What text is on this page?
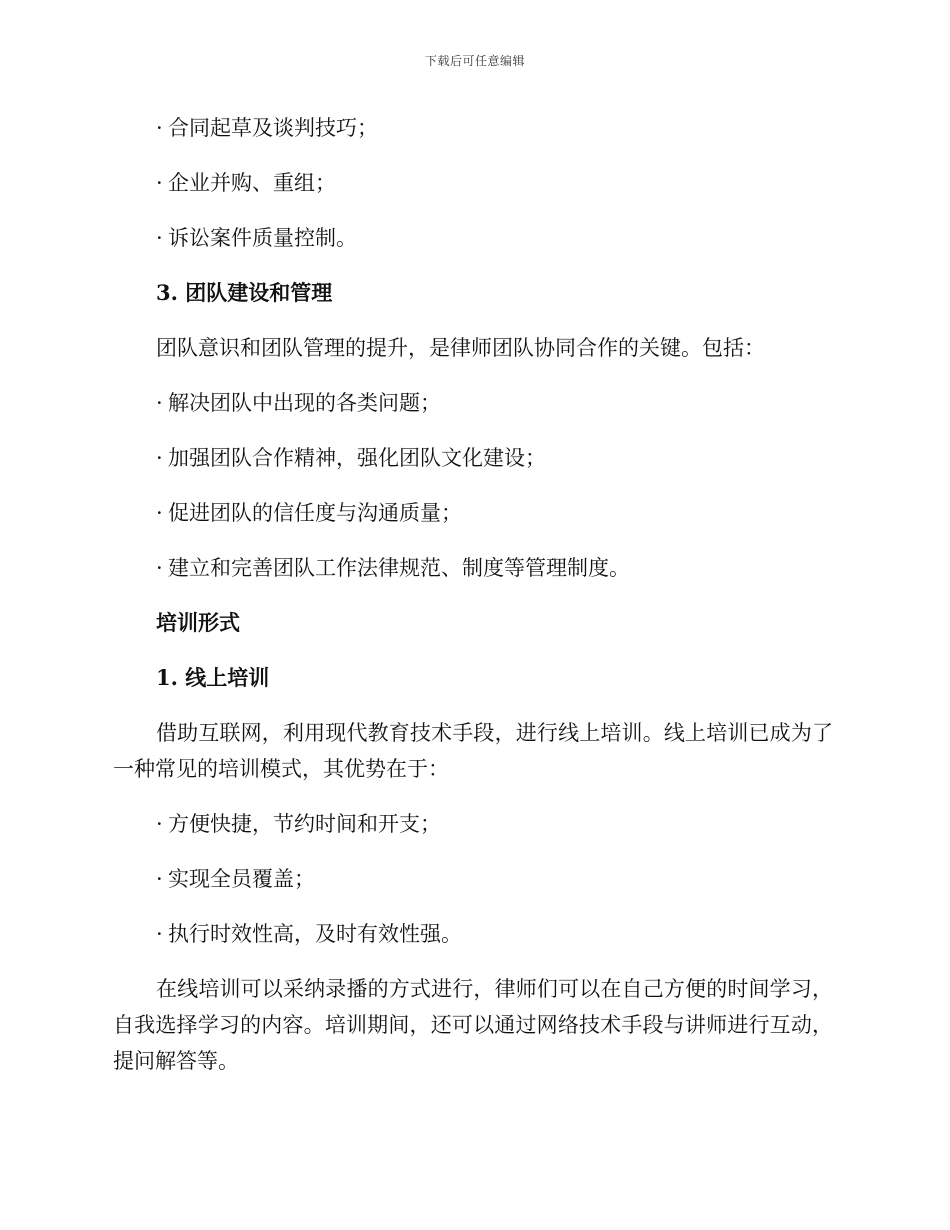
下载后可任意编辑
· 合同起草及谈判技巧；
· 企业并购、重组；
· 诉讼案件质量控制。
3. 团队建设和管理
团队意识和团队管理的提升，是律师团队协同合作的关键。包括：
· 解决团队中出现的各类问题；
· 加强团队合作精神，强化团队文化建设；
· 促进团队的信任度与沟通质量；
· 建立和完善团队工作法律规范、制度等管理制度。
培训形式
1. 线上培训
借助互联网，利用现代教育技术手段，进行线上培训。线上培训已成为了一种常见的培训模式，其优势在于：
· 方便快捷，节约时间和开支；
· 实现全员覆盖；
· 执行时效性高，及时有效性强。
在线培训可以采纳录播的方式进行，律师们可以在自己方便的时间学习，自我选择学习的内容。培训期间，还可以通过网络技术手段与讲师进行互动，提问解答等。
